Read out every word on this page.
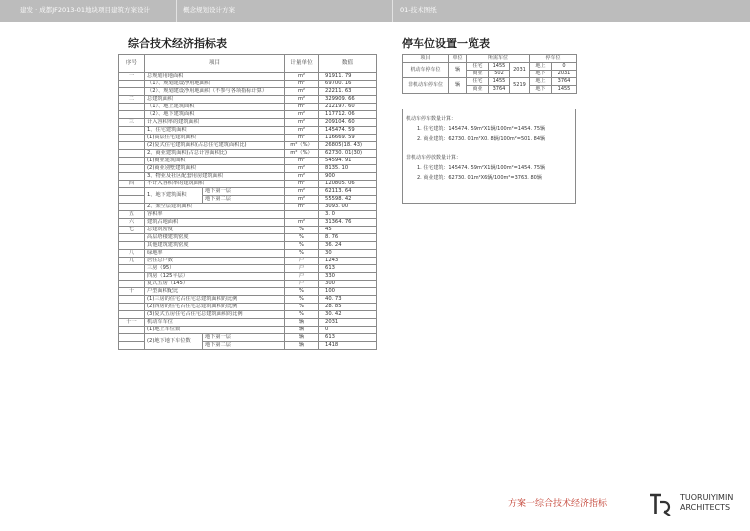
建发 · 成都JF2013-01地块项目建筑方案设计	概念规划设计方案	01-技术图纸
综合技术经济指标表	停车位设置一览表
序号	项目		计量单位	数值
一	总规划用地面积		m²	91911. 79
	（1）、规划建设净用地面积		m²	69700. 16
	（2）、规划建设净用地面积（不参与各项指标计算）		m²	22211. 63
二	总建筑面积		m²	329909. 66
	（1）、地上建筑面积		m²	212197. 60
	（2）、地下建筑面积		m²	117712. 06
三	计入容积率的建筑面积		m²	209104. 60
	1、住宅建筑面积		m²	145474. 59
	(1)高层住宅建筑面积		m²	116669. 59
	(2)复式住宅建筑面积(占总住宅建筑面积比)		m²（%）	26805(18. 43)
	2、商业建筑面积(占总计容面积比)		m²（%）	62730. 01(30)
	(1)商业建筑面积		m²	54594. 91
	(2)商业别墅建筑面积		m²	8135. 10
	3、物业及社区配套用房建筑面积		m²	900
四	不计入容积率的建筑面积		m²	120805. 06
	1、地下建筑面积	地下第一层	m²	62113. 64
		地下第二层	m²	55598. 42
	2、架空层建筑面积		m²	3093. 00
五	容积率			3. 0
六	建筑占地面积		m²	31364. 76
七	总建筑密度		%	45
	高层塔楼建筑密度		%	8. 76
	其他建筑建筑密度		%	36. 24
八	绿地率		%	30
九	居住总户数		户	1243
	三房（95）		户	613
	四房（125平层）		户	330
	复式五房（145）		户	300
十	户型面积配比		%	100
	(1)三房的住宅占住宅总建筑面积的比例		%	40. 73
	(2)四房的住宅占住宅总建筑面积的比例		%	28. 85
	(3)复式五房住宅占住宅总建筑面积的比例		%	30. 42
十一	机动车车位		辆	2031
	(1)地上车位数		辆	0
	(2)地下地下车位数	地下第一层	辆	613
		地下第二层	辆	1418
项目	单位	所需车位			停车位	
机动车停车位	辆	住宅	1455	2031	地上	0
		商业	502		地下	2031
非机动车停车位	辆	住宅	1455	5219	地上	3764
		商业	3764		地下	1455

机动车停车数量计算：

1. 住宅建筑：145474. 59m²X1辆/100m²=1454. 75辆

2. 商业建筑：62730. 01m²X0. 8辆/100m²=501. 84辆

非机动车停放数量计算：

1. 住宅建筑：145474. 59m²X1辆/100m²=1454. 75辆

2. 商业建筑：62730. 01m²X6辆/100m²=3763. 80辆

方案一综合技术经济指标
TUORUIYIMIN
ARCHITECTS
